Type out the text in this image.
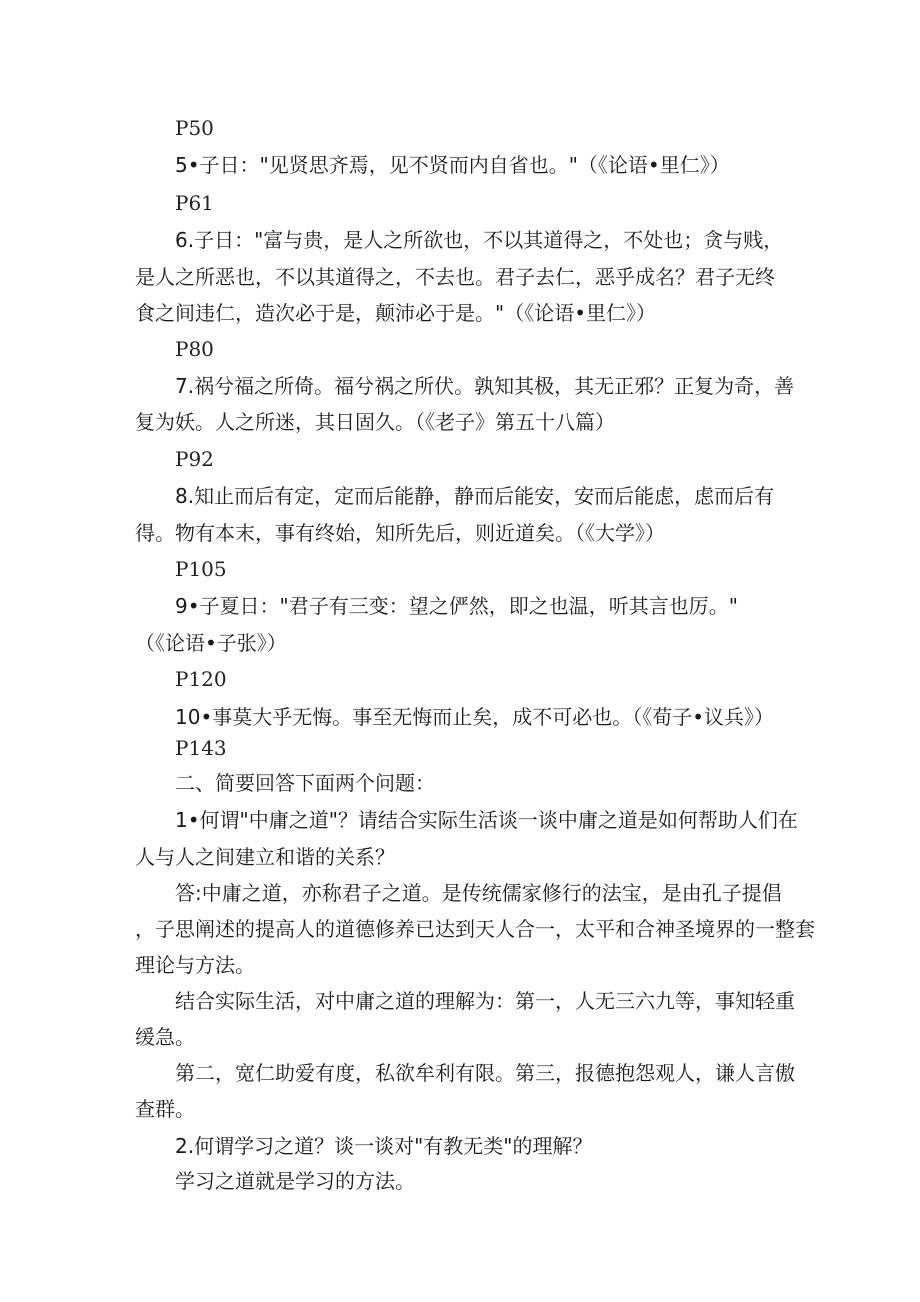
P50
5•子日："见贤思齐焉，见不贤而内自省也。"（《论语•里仁》）
P61
6.子日："富与贵，是人之所欲也，不以其道得之，不处也；贪与贱，
是人之所恶也，不以其道得之，不去也。君子去仁，恶乎成名？君子无终
食之间违仁，造次必于是，颠沛必于是。"（《论语•里仁》）
P80
7.祸兮福之所倚。福兮祸之所伏。孰知其极，其无正邪？正复为奇，善
复为妖。人之所迷，其日固久。（《老子》第五十八篇）
P92
8.知止而后有定，定而后能静，静而后能安，安而后能虑，虑而后有
得。物有本末，事有终始，知所先后，则近道矣。（《大学》）
P105
9•子夏日："君子有三变：望之俨然，即之也温，听其言也厉。"
（《论语•子张》）
P120
10•事莫大乎无悔。事至无悔而止矣，成不可必也。（《荀子•议兵》）
P143
二、简要回答下面两个问题：
1•何谓"中庸之道"？请结合实际生活谈一谈中庸之道是如何帮助人们在
人与人之间建立和谐的关系？
答:中庸之道，亦称君子之道。是传统儒家修行的法宝，是由孔子提倡
，子思阐述的提高人的道德修养已达到天人合一，太平和合神圣境界的一整套
理论与方法。
结合实际生活，对中庸之道的理解为：第一，人无三六九等，事知轻重
缓急。
第二，宽仁助爱有度，私欲牟利有限。第三，报德抱怨观人，谦人言傲
查群。
2.何谓学习之道？谈一谈对"有教无类"的理解？
学习之道就是学习的方法。
